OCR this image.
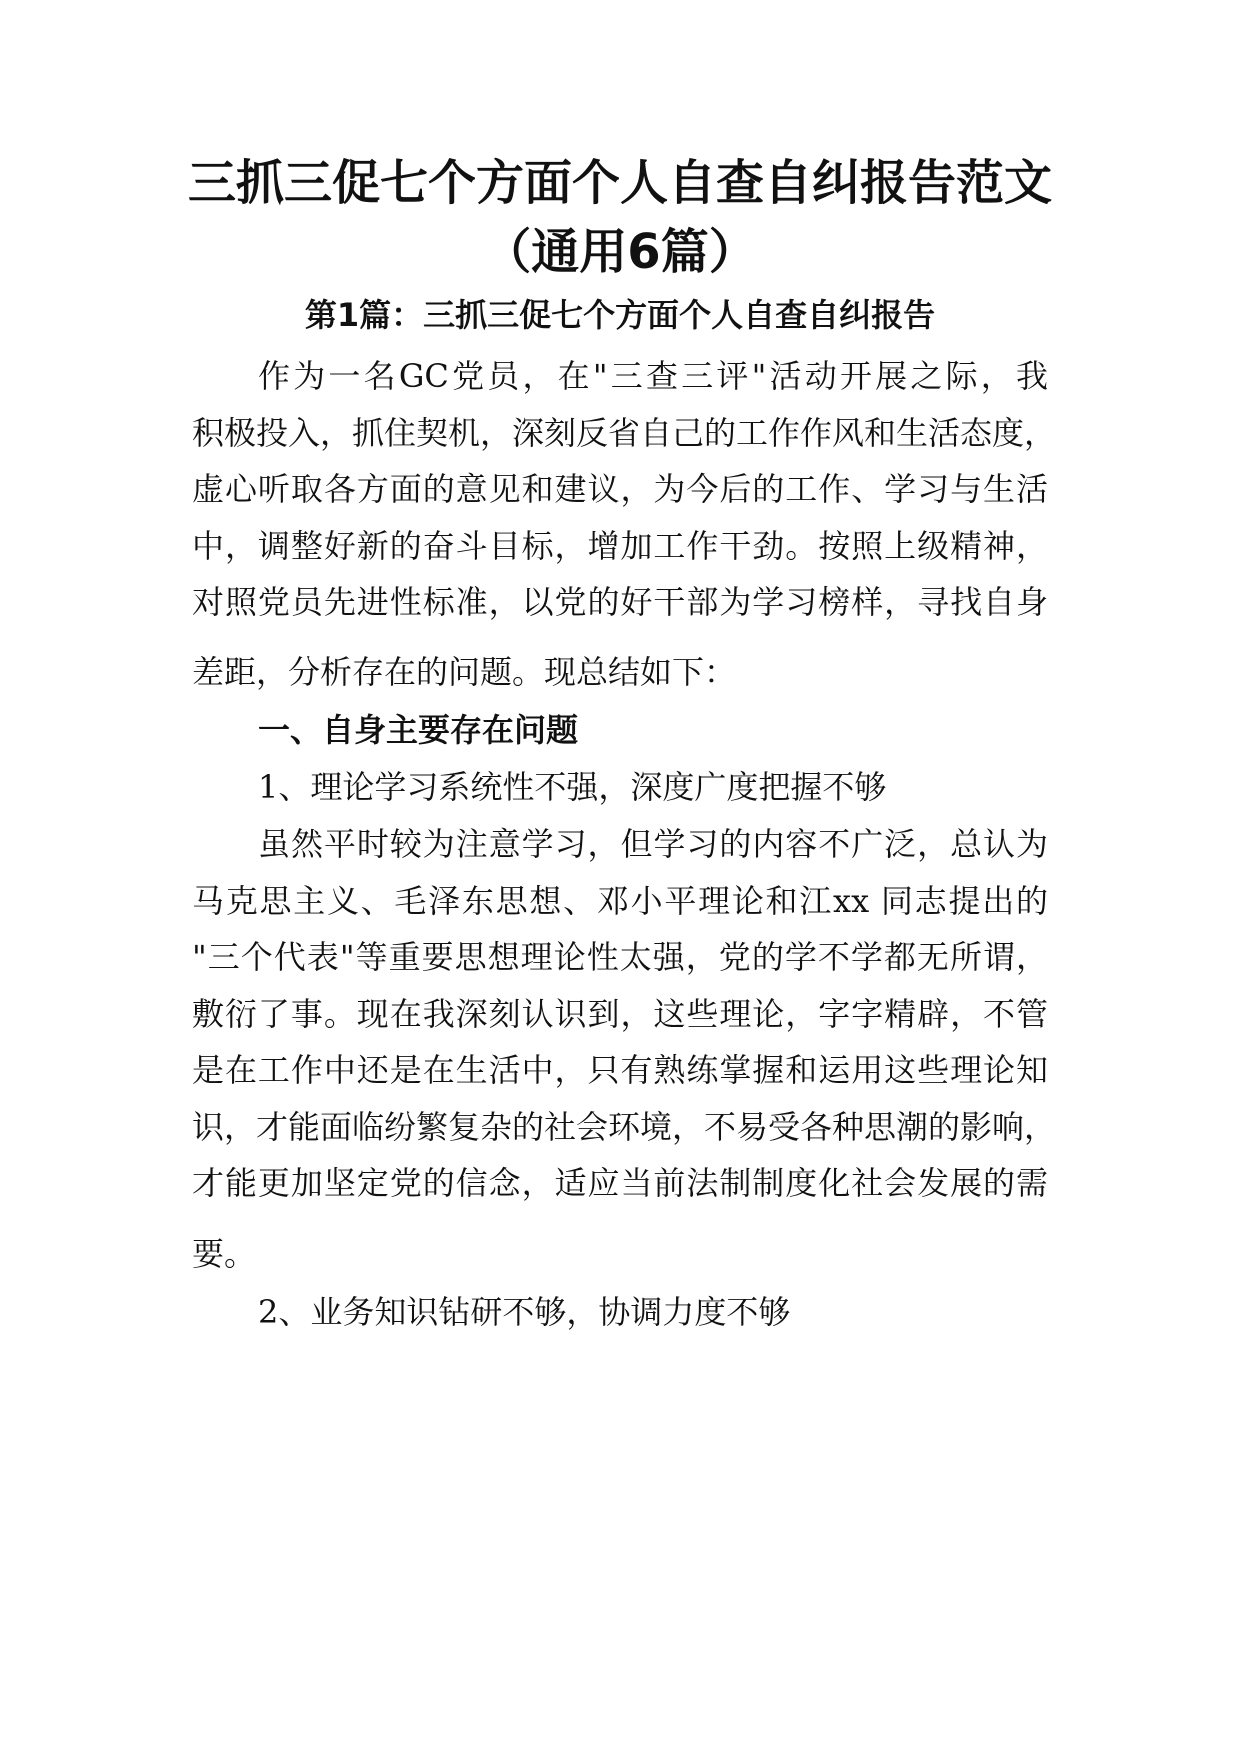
三抓三促七个方面个人自查自纠报告范文
（通用6篇）
第1篇：三抓三促七个方面个人自查自纠报告
作为一名GC党员，在"三查三评"活动开展之际，我
积极投入，抓住契机，深刻反省自己的工作作风和生活态度，
虚心听取各方面的意见和建议，为今后的工作、学习与生活
中，调整好新的奋斗目标，增加工作干劲。按照上级精神，
对照党员先进性标准，以党的好干部为学习榜样，寻找自身
差距，分析存在的问题。现总结如下：
一、自身主要存在问题
1、理论学习系统性不强，深度广度把握不够
虽然平时较为注意学习，但学习的内容不广泛，总认为
马克思主义、毛泽东思想、邓小平理论和江xx 同志提出的
"三个代表"等重要思想理论性太强，党的学不学都无所谓，
敷衍了事。现在我深刻认识到，这些理论，字字精辟，不管
是在工作中还是在生活中，只有熟练掌握和运用这些理论知
识，才能面临纷繁复杂的社会环境，不易受各种思潮的影响，
才能更加坚定党的信念，适应当前法制制度化社会发展的需
要。
2、业务知识钻研不够，协调力度不够
